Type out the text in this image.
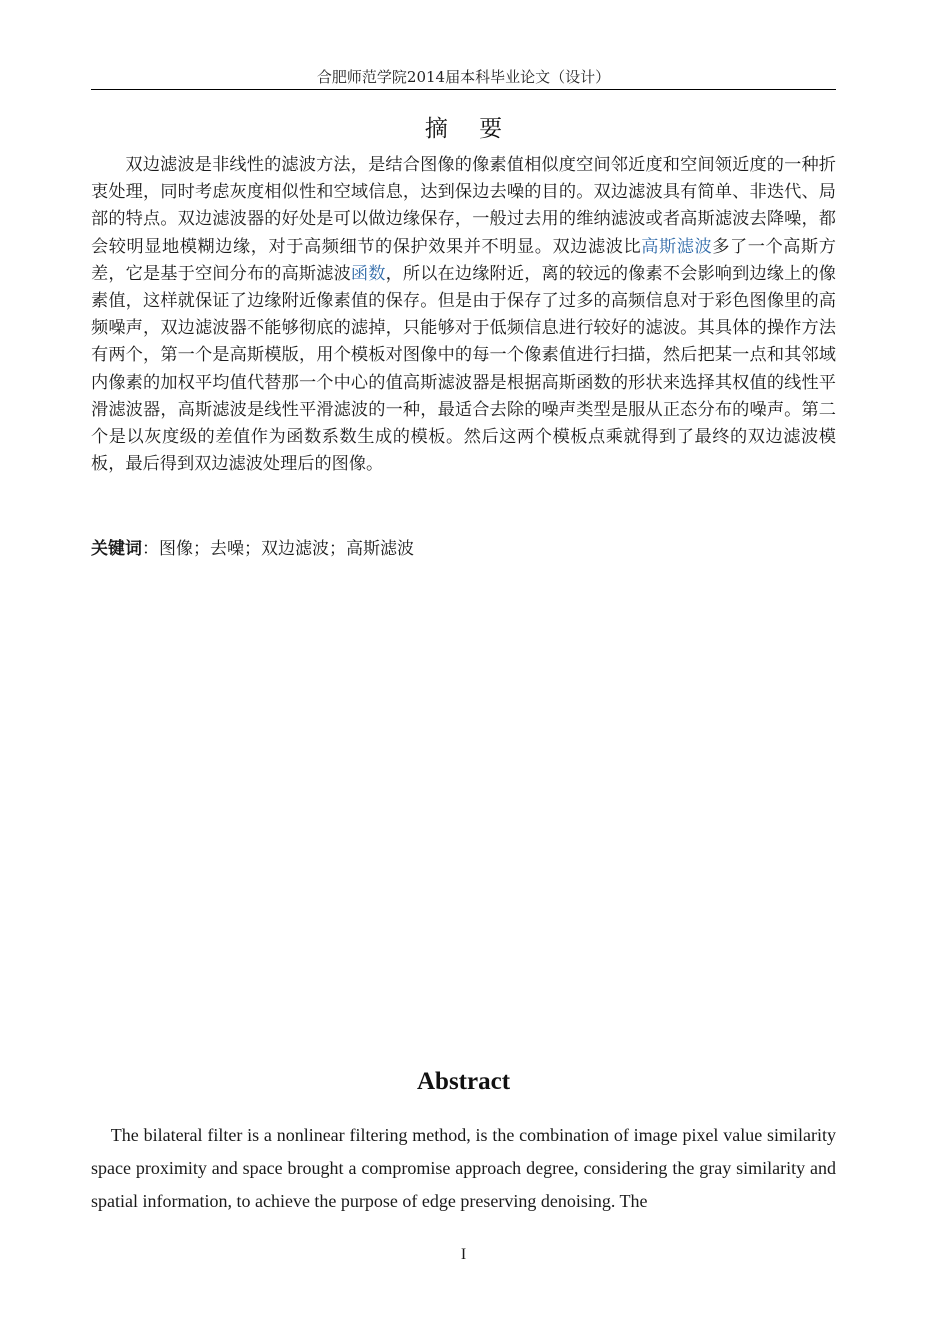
合肥师范学院2014届本科毕业论文（设计）
摘 要

双边滤波是非线性的滤波方法，是结合图像的像素值相似度空间邻近度和空间领近度的一种折衷处理，同时考虑灰度相似性和空域信息，达到保边去噪的目的。双边滤波具有简单、非迭代、局部的特点。双边滤波器的好处是可以做边缘保存，一般过去用的维纳滤波或者高斯滤波去降噪，都会较明显地模糊边缘，对于高频细节的保护效果并不明显。双边滤波比高斯滤波多了一个高斯方差，它是基于空间分布的高斯滤波函数，所以在边缘附近，离的较远的像素不会影响到边缘上的像素值，这样就保证了边缘附近像素值的保存。但是由于保存了过多的高频信息对于彩色图像里的高频噪声，双边滤波器不能够彻底的滤掉，只能够对于低频信息进行较好的滤波。其具体的操作方法有两个，第一个是高斯模版，用个模板对图像中的每一个像素值进行扫描，然后把某一点和其邻域内像素的加权平均值代替那一个中心的值高斯滤波器是根据高斯函数的形状来选择其权值的线性平滑滤波器，高斯滤波是线性平滑滤波的一种，最适合去除的噪声类型是服从正态分布的噪声。第二个是以灰度级的差值作为函数系数生成的模板。然后这两个模板点乘就得到了最终的双边滤波模板，最后得到双边滤波处理后的图像。

关键词：图像；去噪；双边滤波；高斯滤波
Abstract

The bilateral filter is a nonlinear filtering method, is the combination of image pixel value similarity space proximity and space brought a compromise approach degree, considering the gray similarity and spatial information, to achieve the purpose of edge preserving denoising. The

I
